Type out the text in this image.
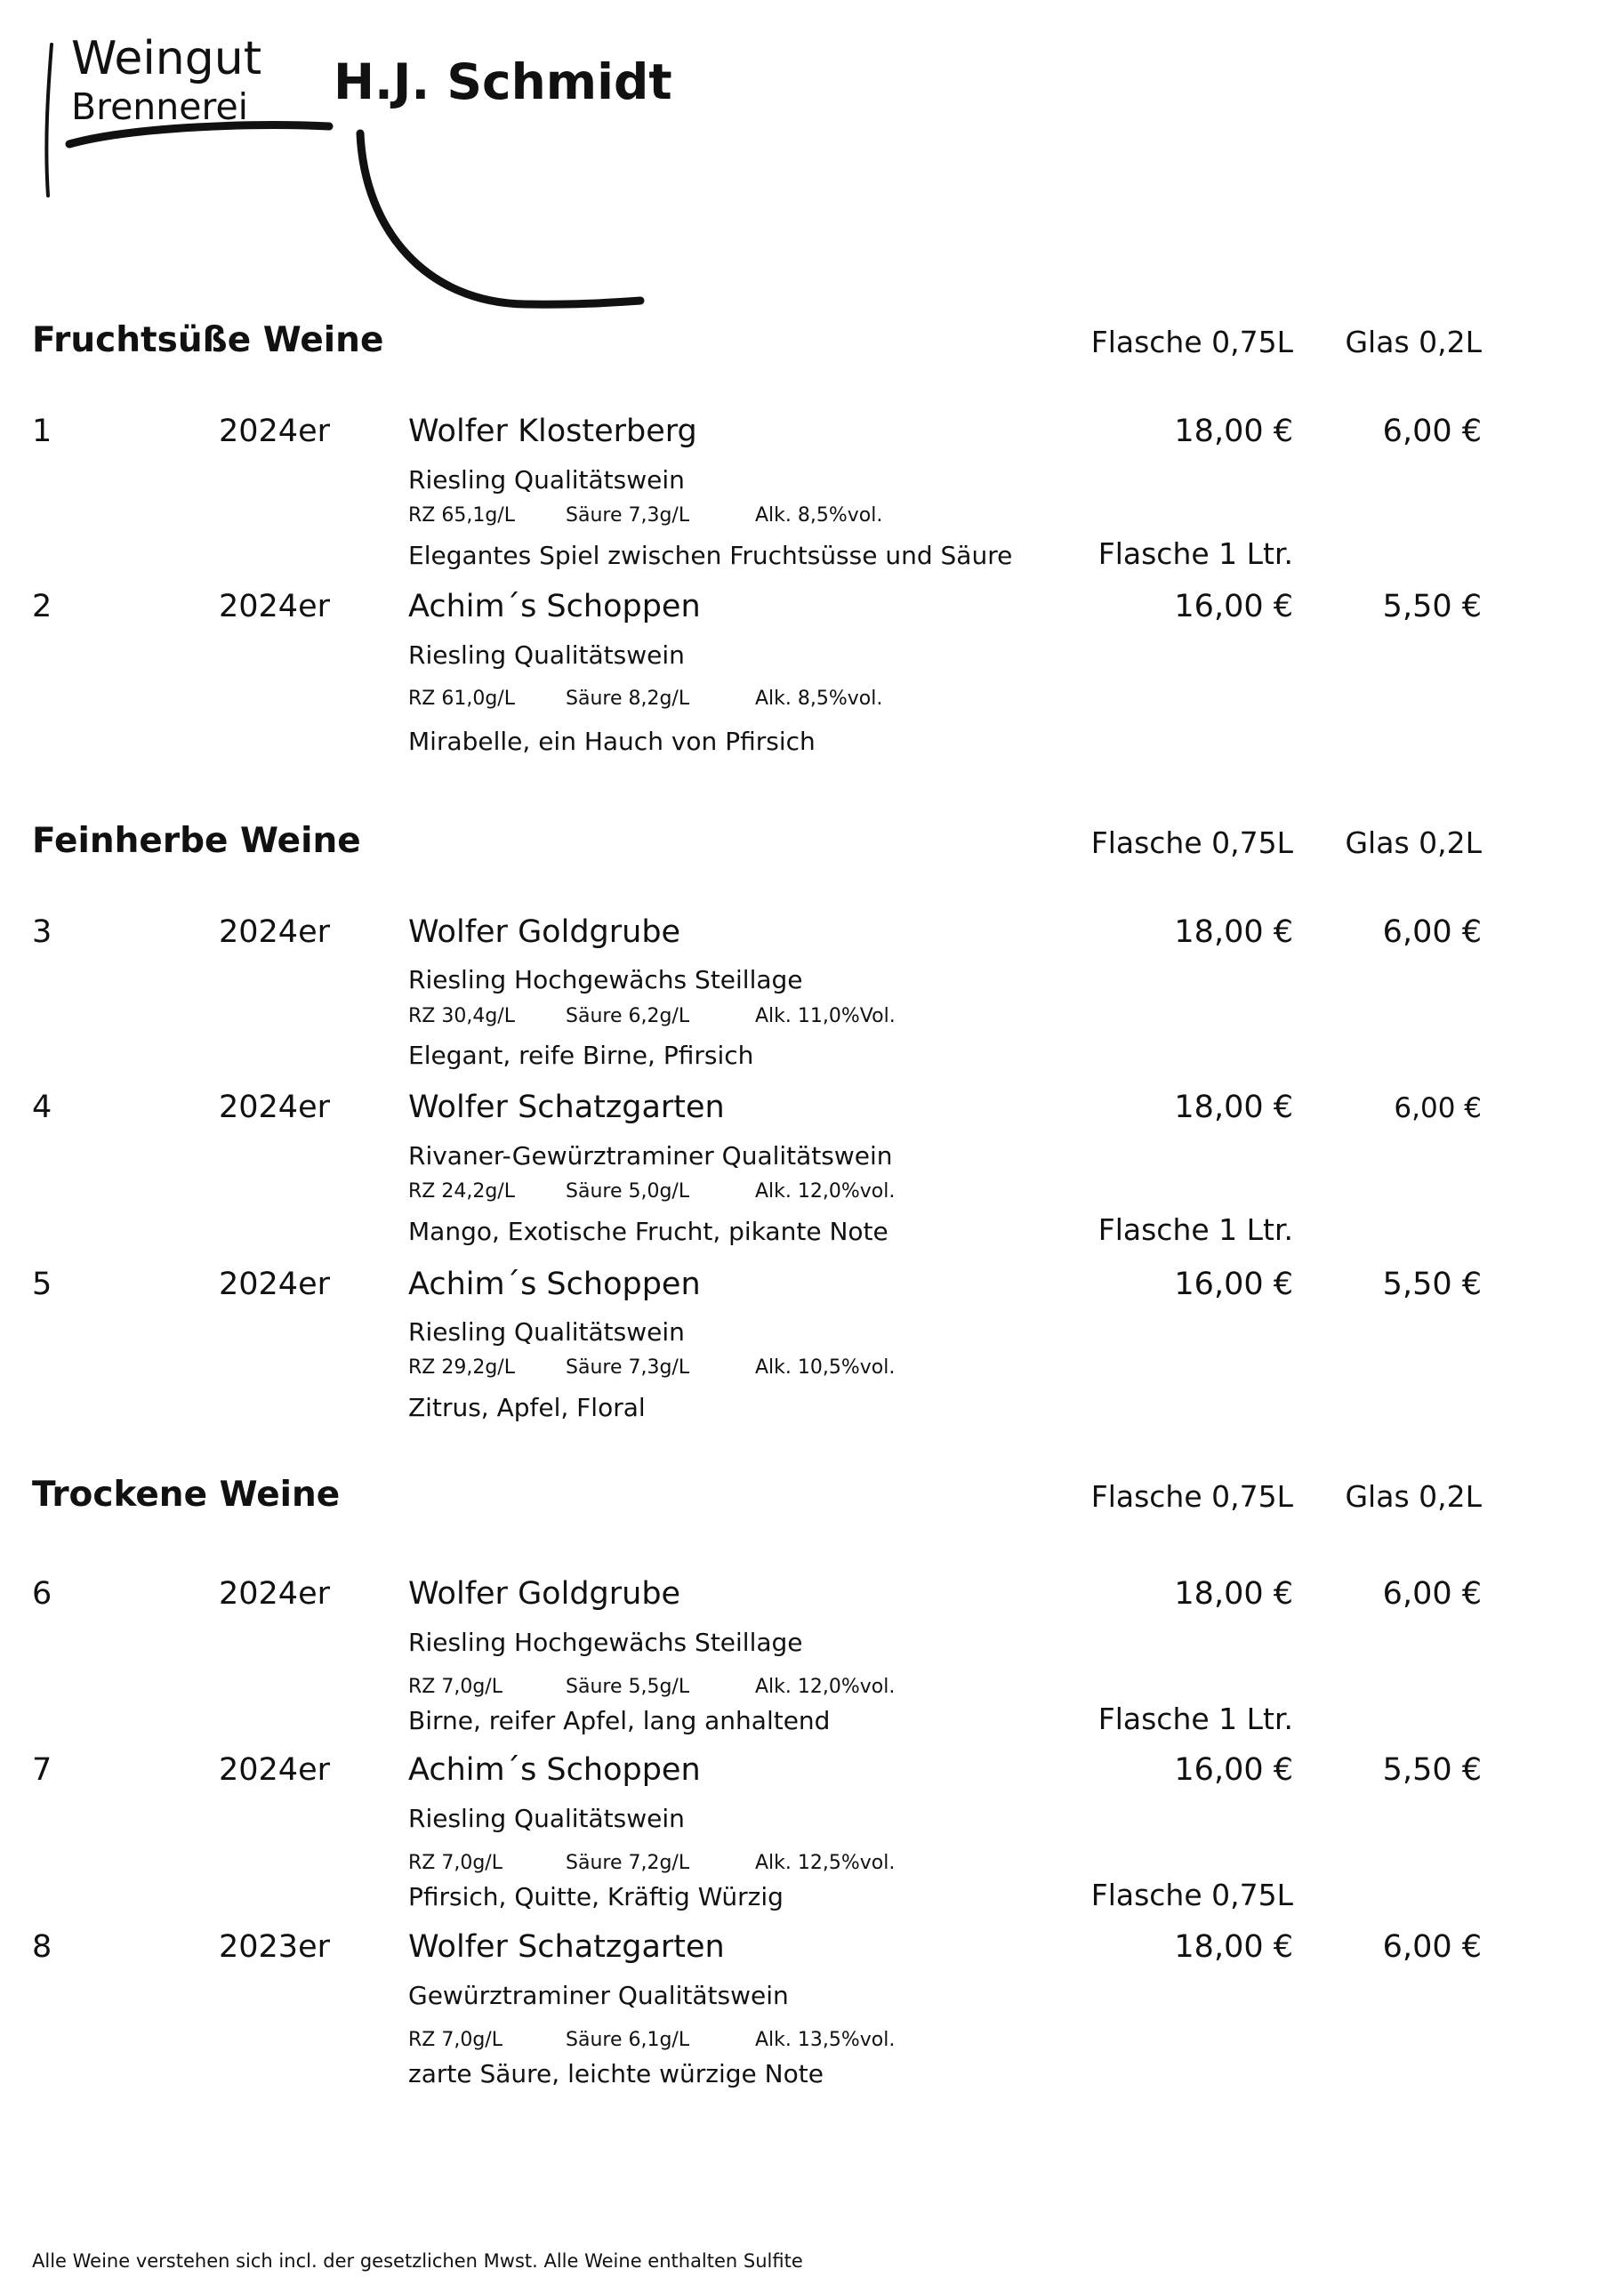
Weingut
Brennerei H.J. Schmidt
Fruchtsüße Weine	Flasche 0,75L Glas 0,2L
1	2024er	Wolfer Klosterberg	18,00 €	6,00 €
Riesling Qualitätswein
RZ 65,1g/L	Säure 7,3g/L	Alk. 8,5%vol.
Elegantes Spiel zwischen Fruchtsüsse und Säure	Flasche 1 Ltr.
2	2024er	Achim´s Schoppen	16,00 €	5,50 €
Riesling Qualitätswein
RZ 61,0g/L	Säure 8,2g/L	Alk. 8,5%vol.
Mirabelle, ein Hauch von Pfirsich
Feinherbe Weine	Flasche 0,75L Glas 0,2L
3	2024er	Wolfer Goldgrube	18,00 €	6,00 €
Riesling Hochgewächs Steillage
RZ 30,4g/L	Säure 6,2g/L	Alk. 11,0%Vol.
Elegant, reife Birne, Pfirsich
4	2024er	Wolfer Schatzgarten	18,00 €	6,00 €
Rivaner-Gewürztraminer Qualitätswein
RZ 24,2g/L	Säure 5,0g/L	Alk. 12,0%vol.
Mango, Exotische Frucht, pikante Note	Flasche 1 Ltr.
5	2024er	Achim´s Schoppen	16,00 €	5,50 €
Riesling Qualitätswein
RZ 29,2g/L	Säure 7,3g/L	Alk. 10,5%vol.
Zitrus, Apfel, Floral
Trockene Weine	Flasche 0,75L Glas 0,2L
6	2024er	Wolfer Goldgrube	18,00 €	6,00 €
Riesling Hochgewächs Steillage
RZ 7,0g/L	Säure 5,5g/L	Alk. 12,0%vol.
Birne, reifer Apfel, lang anhaltend	Flasche 1 Ltr.
7	2024er	Achim´s Schoppen	16,00 €	5,50 €
Riesling Qualitätswein
RZ 7,0g/L	Säure 7,2g/L	Alk. 12,5%vol.
Pfirsich, Quitte, Kräftig Würzig	Flasche 0,75L
8	2023er	Wolfer Schatzgarten	18,00 €	6,00 €
Gewürztraminer Qualitätswein
RZ 7,0g/L	Säure 6,1g/L	Alk. 13,5%vol.
zarte Säure, leichte würzige Note
Alle Weine verstehen sich incl. der gesetzlichen Mwst. Alle Weine enthalten Sulfite
